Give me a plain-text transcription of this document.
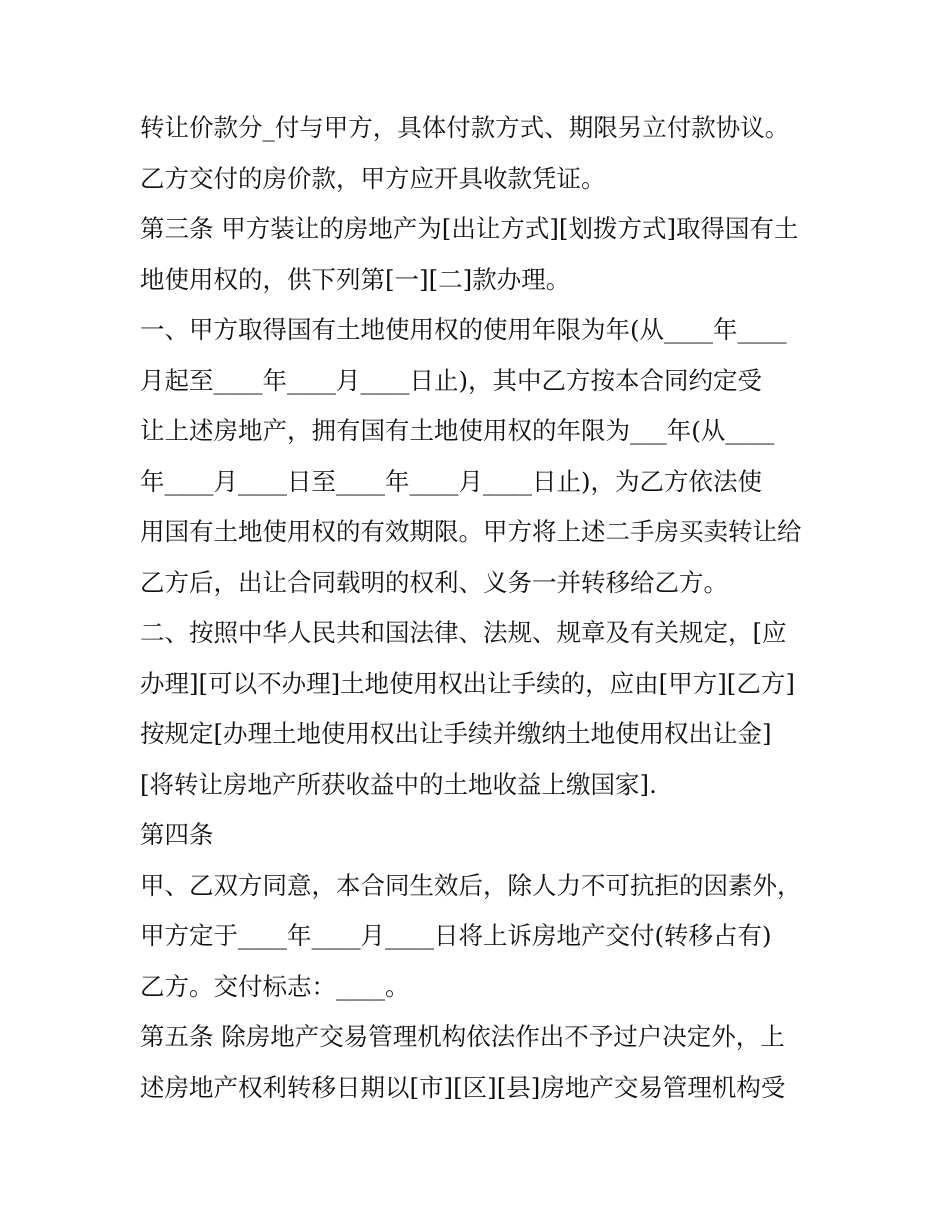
转让价款分_付与甲方，具体付款方式、期限另立付款协议。
乙方交付的房价款，甲方应开具收款凭证。
第三条 甲方装让的房地产为[出让方式][划拨方式]取得国有土
地使用权的，供下列第[一][二]款办理。
一、甲方取得国有土地使用权的使用年限为年(从____年____
月起至____年____月____日止)，其中乙方按本合同约定受
让上述房地产，拥有国有土地使用权的年限为___年(从____
年____月____日至____年____月____日止)，为乙方依法使
用国有土地使用权的有效期限。甲方将上述二手房买卖转让给
乙方后，出让合同载明的权利、义务一并转移给乙方。
二、按照中华人民共和国法律、法规、规章及有关规定，[应
办理][可以不办理]土地使用权出让手续的，应由[甲方][乙方]
按规定[办理土地使用权出让手续并缴纳土地使用权出让金]
[将转让房地产所获收益中的土地收益上缴国家].
第四条
甲、乙双方同意，本合同生效后，除人力不可抗拒的因素外，
甲方定于____年____月____日将上诉房地产交付(转移占有)
乙方。交付标志：____。
第五条 除房地产交易管理机构依法作出不予过户决定外，上
述房地产权利转移日期以[市][区][县]房地产交易管理机构受
